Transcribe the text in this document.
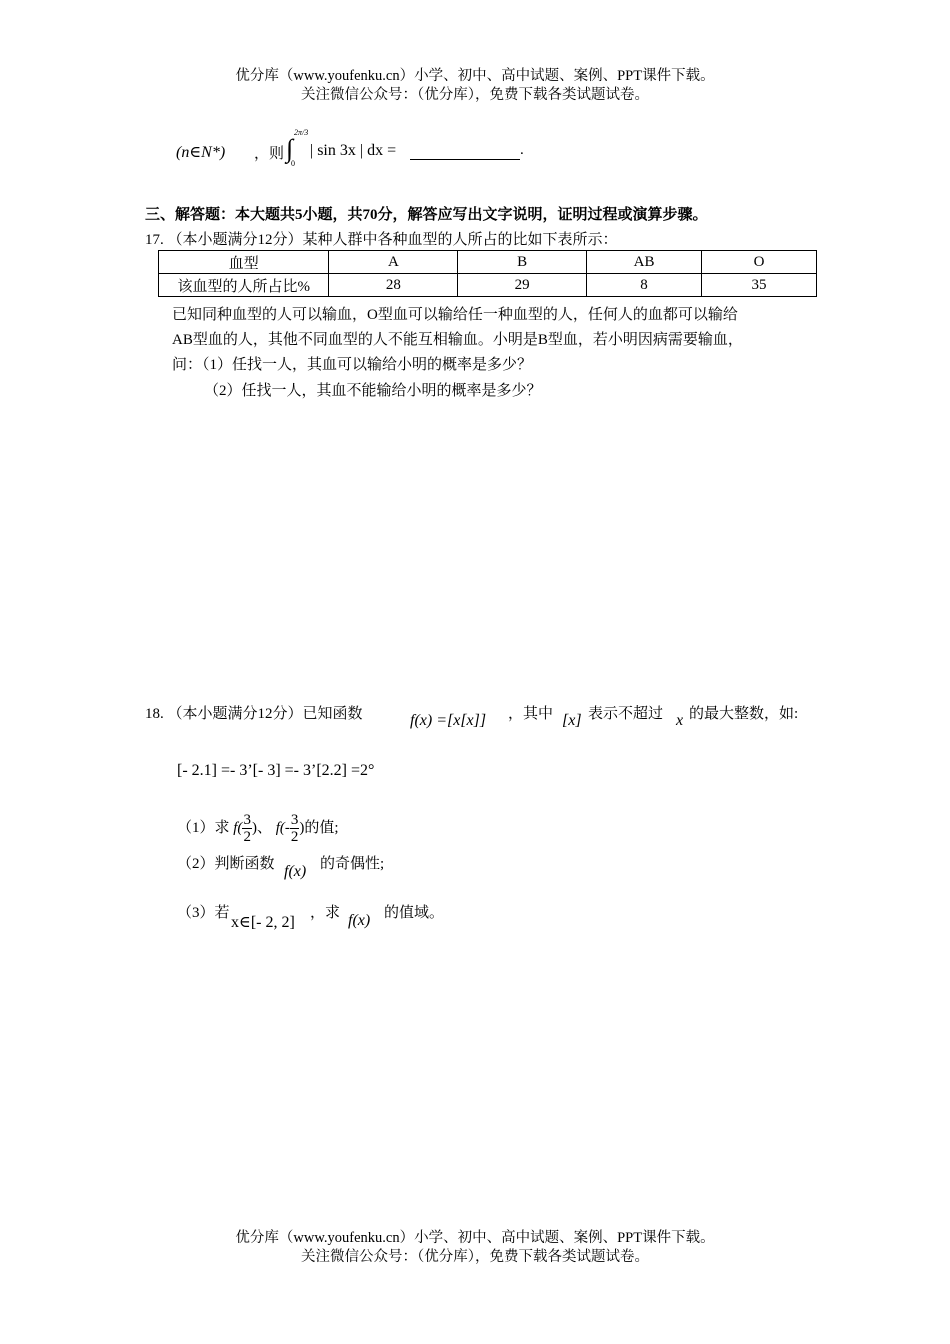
优分库（www.youfenku.cn）小学、初中、高中试题、案例、PPT课件下载。
关注微信公众号：（优分库），免费下载各类试题试卷。
(n∈N*) ，则 ∫
2π/3
0
| sin 3x | dx =	.
三、解答题：本大题共5小题，共70分，解答应写出文字说明，证明过程或演算步骤。
17. （本小题满分12分）某种人群中各种血型的人所占的比如下表所示：
血型	A	B	AB	O
该血型的人所占比%	28	29	8	35
已知同种血型的人可以输血，O型血可以输给任一种血型的人，任何人的血都可以输给
AB型血的人，其他不同血型的人不能互相输血。小明是B型血，若小明因病需要输血，
问：（1）任找一人，其血可以输给小明的概率是多少？
（2）任找一人，其血不能输给小明的概率是多少？
18. （本小题满分12分）已知函数	f(x) =[x[x]] ，其中 [x] 表示不超过 x 的最大整数，如:
[- 2.1] =- 3’[- 3] =- 3’[2.2] =2°
（1）求 $f( \frac{3}{2}$ )、 $f(- \frac{3}{2}$ )的值;
（2）判断函数 f(x) 的奇偶性;
（3）若
x∈[- 2, 2]
，求 f(x) 的值域。
优分库（www.youfenku.cn）小学、初中、高中试题、案例、PPT课件下载。
关注微信公众号：（优分库），免费下载各类试题试卷。
